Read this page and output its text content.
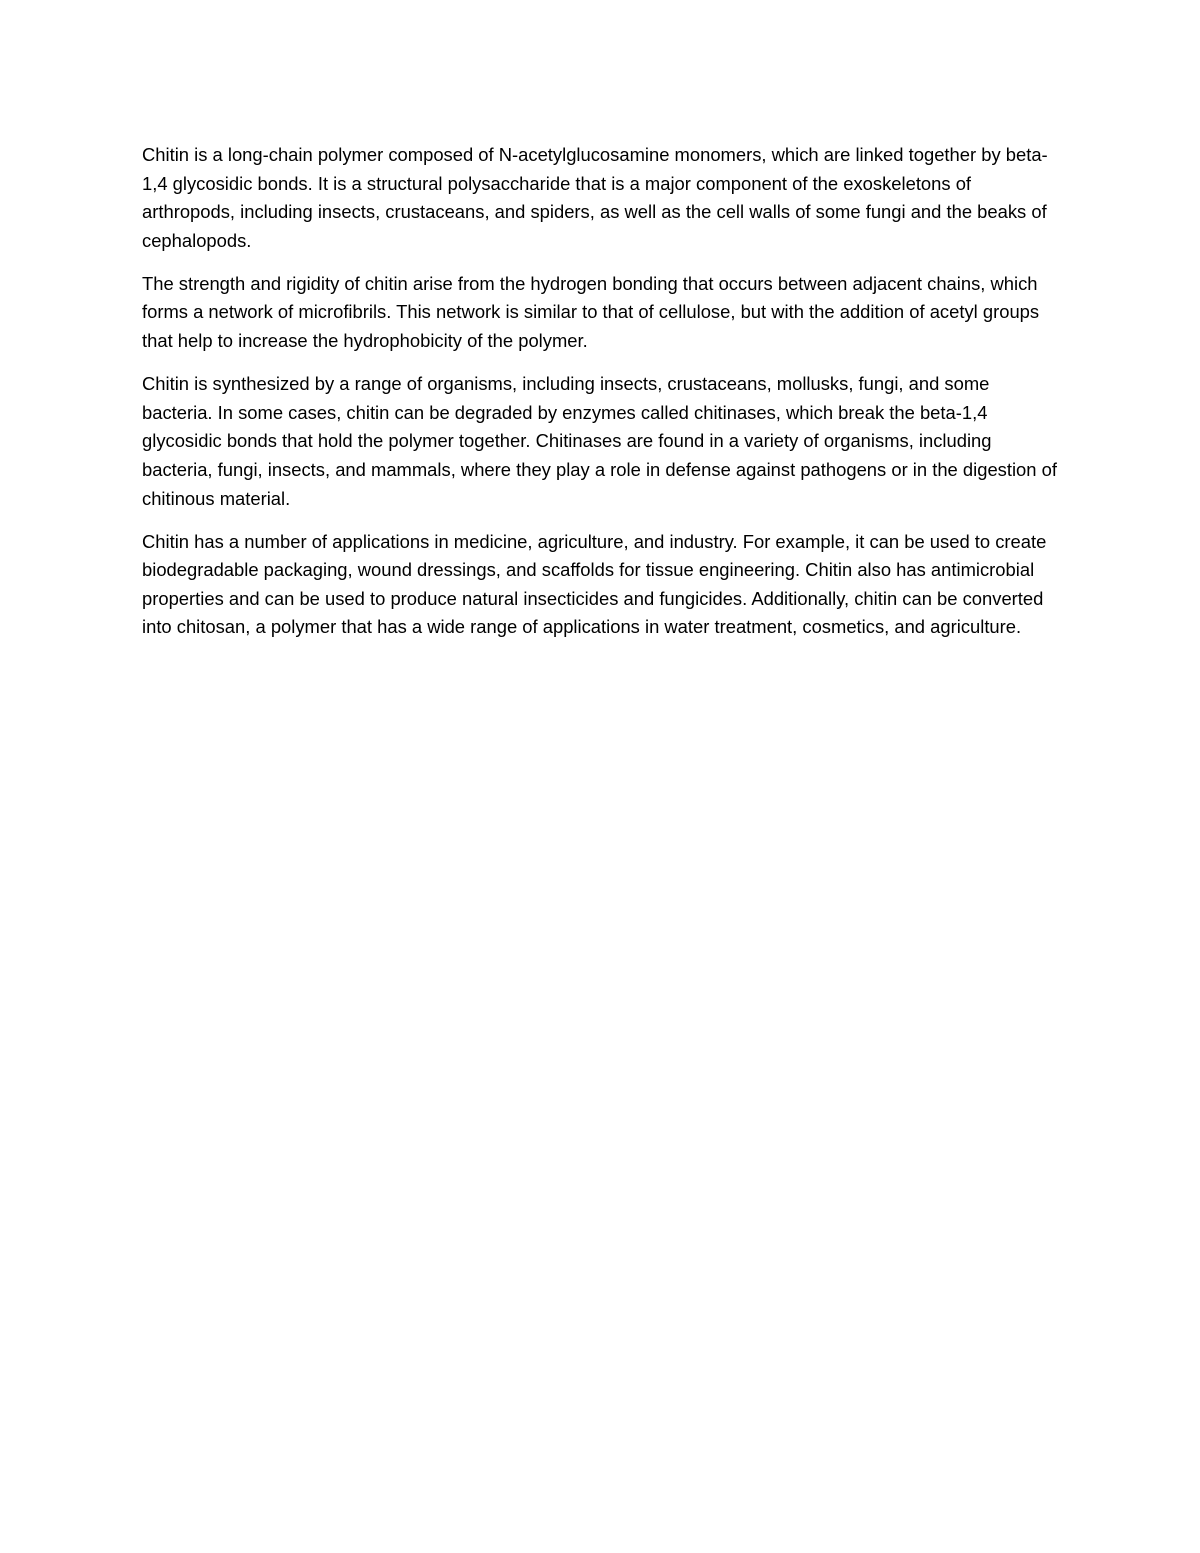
Chitin is a long-chain polymer composed of N-acetylglucosamine monomers, which are linked together by beta-1,4 glycosidic bonds. It is a structural polysaccharide that is a major component of the exoskeletons of arthropods, including insects, crustaceans, and spiders, as well as the cell walls of some fungi and the beaks of cephalopods.

The strength and rigidity of chitin arise from the hydrogen bonding that occurs between adjacent chains, which forms a network of microfibrils. This network is similar to that of cellulose, but with the addition of acetyl groups that help to increase the hydrophobicity of the polymer.

Chitin is synthesized by a range of organisms, including insects, crustaceans, mollusks, fungi, and some bacteria. In some cases, chitin can be degraded by enzymes called chitinases, which break the beta-1,4 glycosidic bonds that hold the polymer together. Chitinases are found in a variety of organisms, including bacteria, fungi, insects, and mammals, where they play a role in defense against pathogens or in the digestion of chitinous material.

Chitin has a number of applications in medicine, agriculture, and industry. For example, it can be used to create biodegradable packaging, wound dressings, and scaffolds for tissue engineering. Chitin also has antimicrobial properties and can be used to produce natural insecticides and fungicides. Additionally, chitin can be converted into chitosan, a polymer that has a wide range of applications in water treatment, cosmetics, and agriculture.
